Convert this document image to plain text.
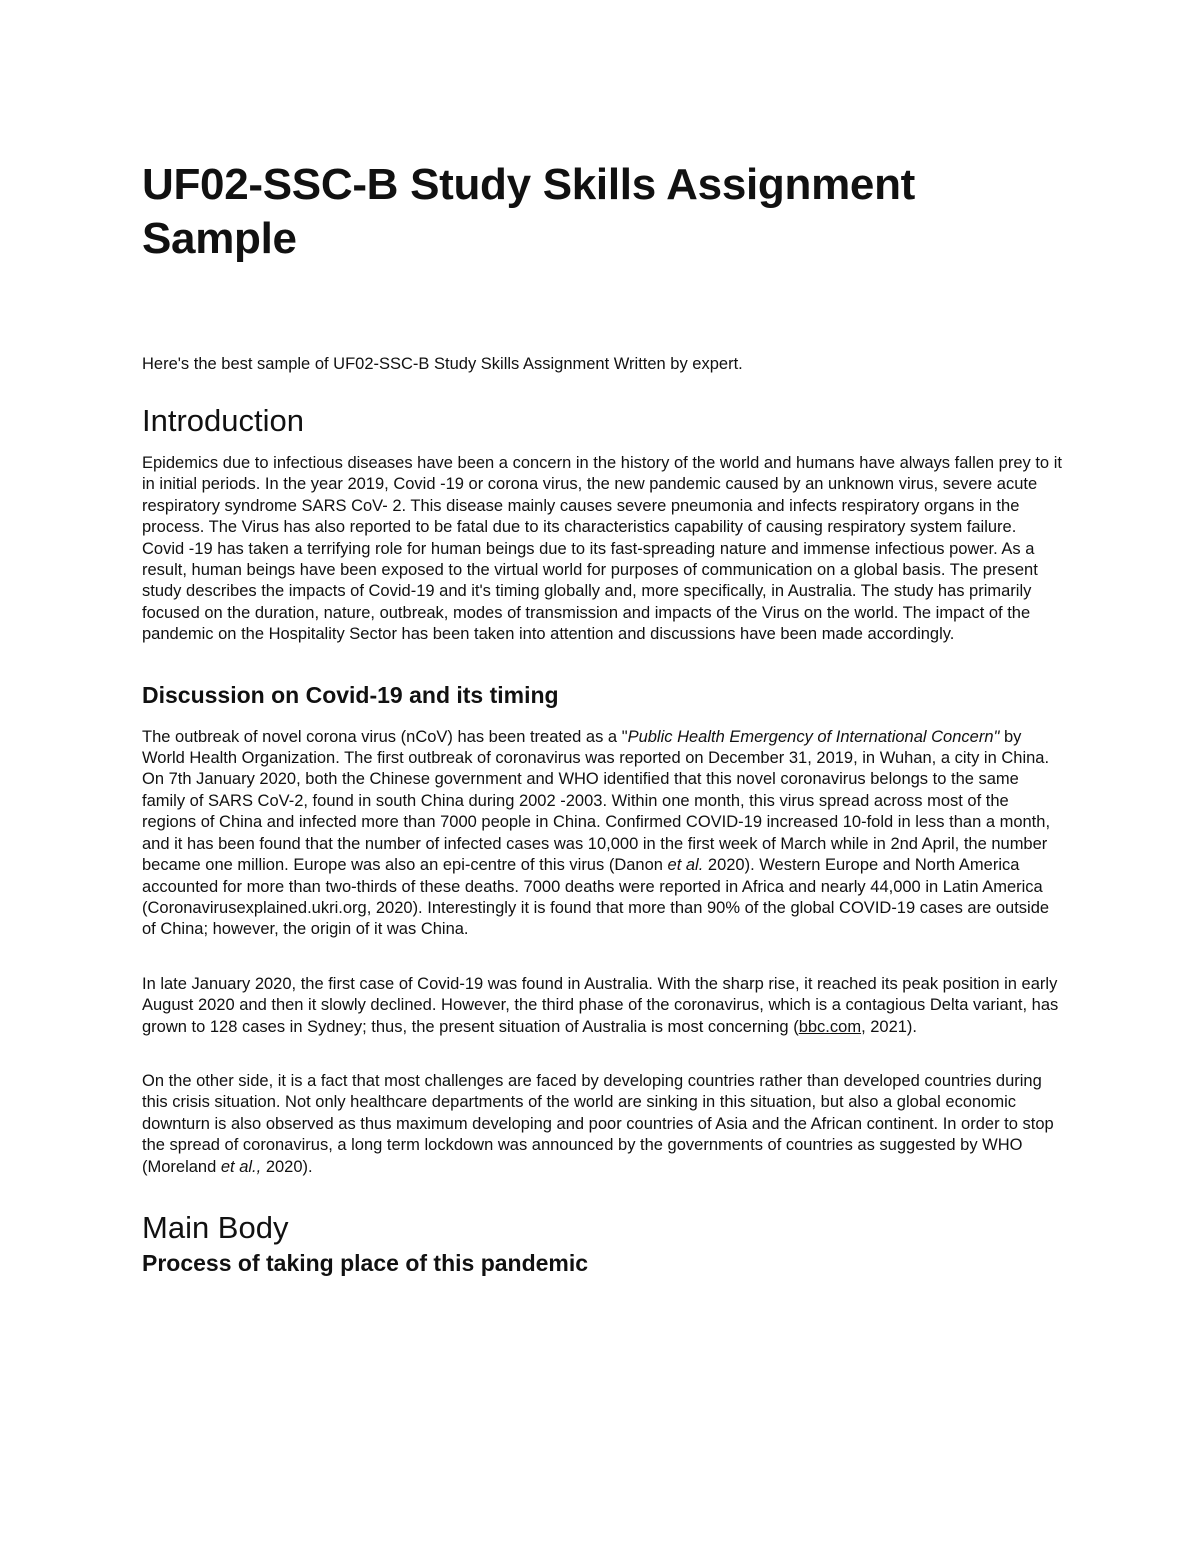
UF02-SSC-B Study Skills Assignment Sample

Here's the best sample of UF02-SSC-B Study Skills Assignment Written by expert.

Introduction

Epidemics due to infectious diseases have been a concern in the history of the world and humans have always fallen prey to it in initial periods. In the year 2019, Covid -19 or corona virus, the new pandemic caused by an unknown virus, severe acute respiratory syndrome SARS CoV- 2. This disease mainly causes severe pneumonia and infects respiratory organs in the process. The Virus has also reported to be fatal due to its characteristics capability of causing respiratory system failure. Covid -19 has taken a terrifying role for human beings due to its fast-spreading nature and immense infectious power. As a result, human beings have been exposed to the virtual world for purposes of communication on a global basis. The present study describes the impacts of Covid-19 and it's timing globally and, more specifically, in Australia. The study has primarily focused on the duration, nature, outbreak, modes of transmission and impacts of the Virus on the world. The impact of the pandemic on the Hospitality Sector has been taken into attention and discussions have been made accordingly.

Discussion on Covid-19 and its timing

The outbreak of novel corona virus (nCoV) has been treated as a "Public Health Emergency of International Concern" by World Health Organization. The first outbreak of coronavirus was reported on December 31, 2019, in Wuhan, a city in China. On 7th January 2020, both the Chinese government and WHO identified that this novel coronavirus belongs to the same family of SARS CoV-2, found in south China during 2002 -2003. Within one month, this virus spread across most of the regions of China and infected more than 7000 people in China. Confirmed COVID-19 increased 10-fold in less than a month, and it has been found that the number of infected cases was 10,000 in the first week of March while in 2nd April, the number became one million. Europe was also an epi-centre of this virus (Danon et al. 2020). Western Europe and North America accounted for more than two-thirds of these deaths. 7000 deaths were reported in Africa and nearly 44,000 in Latin America (Coronavirusexplained.ukri.org, 2020). Interestingly it is found that more than 90% of the global COVID-19 cases are outside of China; however, the origin of it was China.

In late January 2020, the first case of Covid-19 was found in Australia. With the sharp rise, it reached its peak position in early August 2020 and then it slowly declined. However, the third phase of the coronavirus, which is a contagious Delta variant, has grown to 128 cases in Sydney; thus, the present situation of Australia is most concerning (bbc.com, 2021).

On the other side, it is a fact that most challenges are faced by developing countries rather than developed countries during this crisis situation. Not only healthcare departments of the world are sinking in this situation, but also a global economic downturn is also observed as thus maximum developing and poor countries of Asia and the African continent. In order to stop the spread of coronavirus, a long term lockdown was announced by the governments of countries as suggested by WHO (Moreland et al., 2020).

Main Body
Process of taking place of this pandemic
